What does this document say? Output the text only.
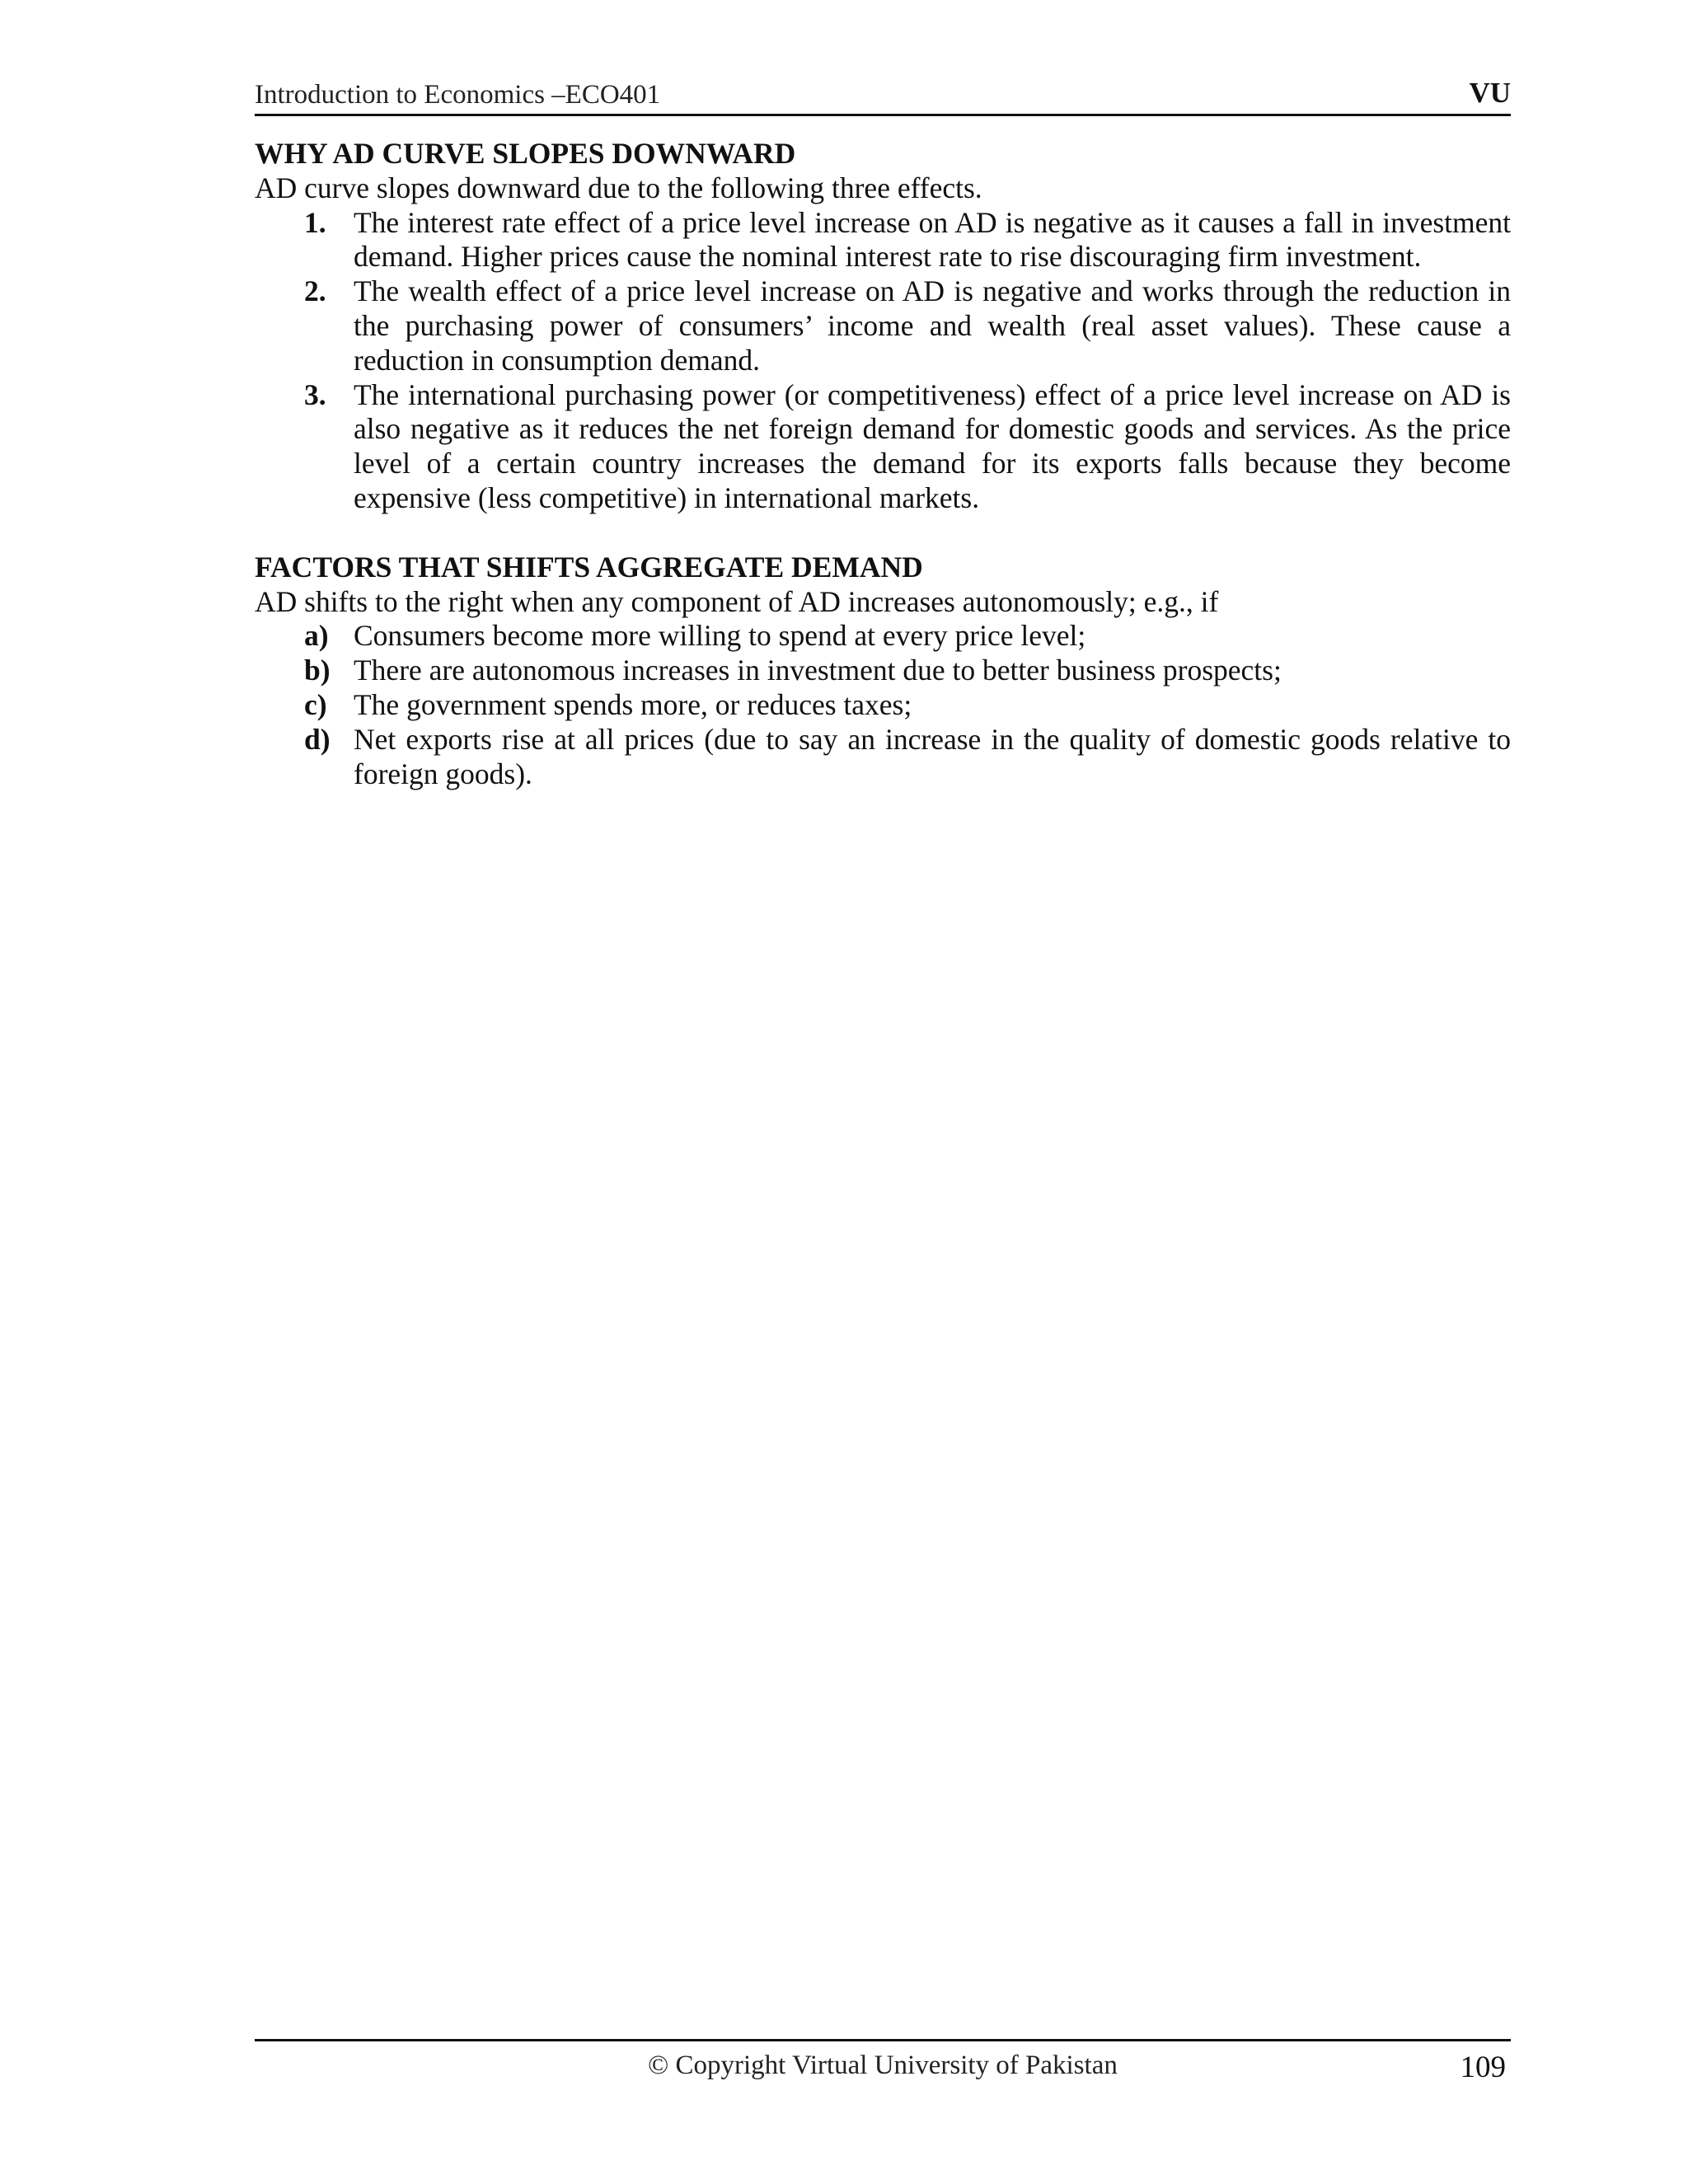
Introduction to Economics –ECO401	VU
WHY AD CURVE SLOPES DOWNWARD

AD curve slopes downward due to the following three effects.

1. The interest rate effect of a price level increase on AD is negative as it causes a fall in investment demand. Higher prices cause the nominal interest rate to rise discouraging firm investment.
2. The wealth effect of a price level increase on AD is negative and works through the reduction in the purchasing power of consumers’ income and wealth (real asset values). These cause a reduction in consumption demand.
3. The international purchasing power (or competitiveness) effect of a price level increase on AD is also negative as it reduces the net foreign demand for domestic goods and services. As the price level of a certain country increases the demand for its exports falls because they become expensive (less competitive) in international markets.
FACTORS THAT SHIFTS AGGREGATE DEMAND

AD shifts to the right when any component of AD increases autonomously; e.g., if

a) Consumers become more willing to spend at every price level;
b) There are autonomous increases in investment due to better business prospects;
c) The government spends more, or reduces taxes;
d) Net exports rise at all prices (due to say an increase in the quality of domestic goods relative to foreign goods).
© Copyright Virtual University of Pakistan	109
